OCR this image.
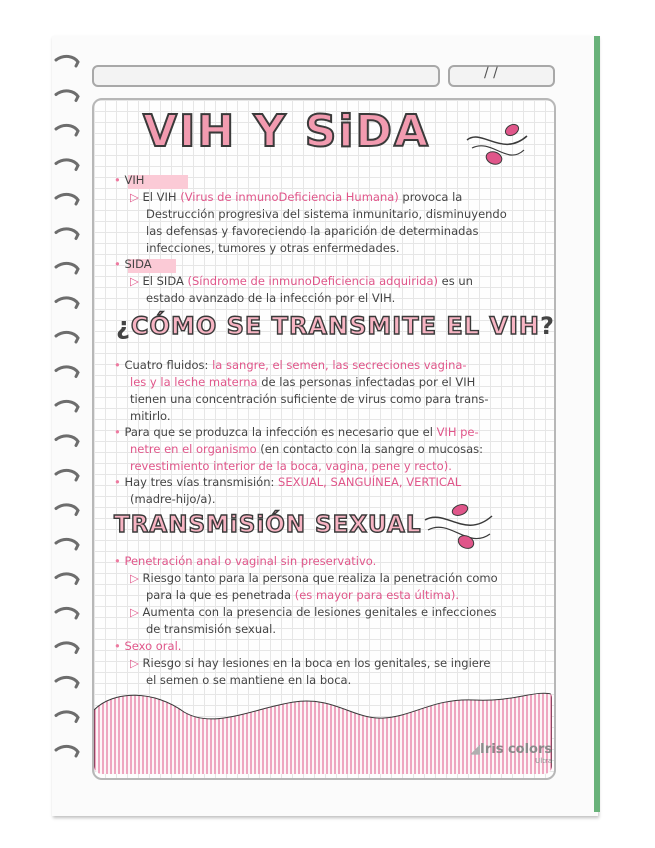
/ /
VIH Y SiDA
• VIH
▷ El VIH (Virus de inmunoDeficiencia Humana) provoca la
Destrucción progresiva del sistema inmunitario, disminuyendo
las defensas y favoreciendo la aparición de determinadas
infecciones, tumores y otras enfermedades.
• SIDA
▷ El SIDA (Síndrome de inmunoDeficiencia adquirida) es un
estado avanzado de la infección por el VIH.
¿CÓMO SE TRANSMITE EL VIH?
• Cuatro fluidos: la sangre, el semen, las secreciones vagina-
les y la leche materna de las personas infectadas por el VIH
tienen una concentración suficiente de virus como para trans-
mitirlo.
• Para que se produzca la infección es necesario que el VIH pe-
netre en el organismo (en contacto con la sangre o mucosas:
revestimiento interior de la boca, vagina, pene y recto).
• Hay tres vías transmisión: SEXUAL, SANGUÍNEA, VERTICAL
(madre-hijo/a).
TRANSMiSiÓN SEXUAL
• Penetración anal o vaginal sin preservativo.
▷ Riesgo tanto para la persona que realiza la penetración como
para la que es penetrada (es mayor para esta última).
▷ Aumenta con la presencia de lesiones genitales e infecciones
de transmisión sexual.
• Sexo oral.
▷ Riesgo si hay lesiones en la boca en los genitales, se ingiere
el semen o se mantiene en la boca.
◢Iris colors
Ultra
